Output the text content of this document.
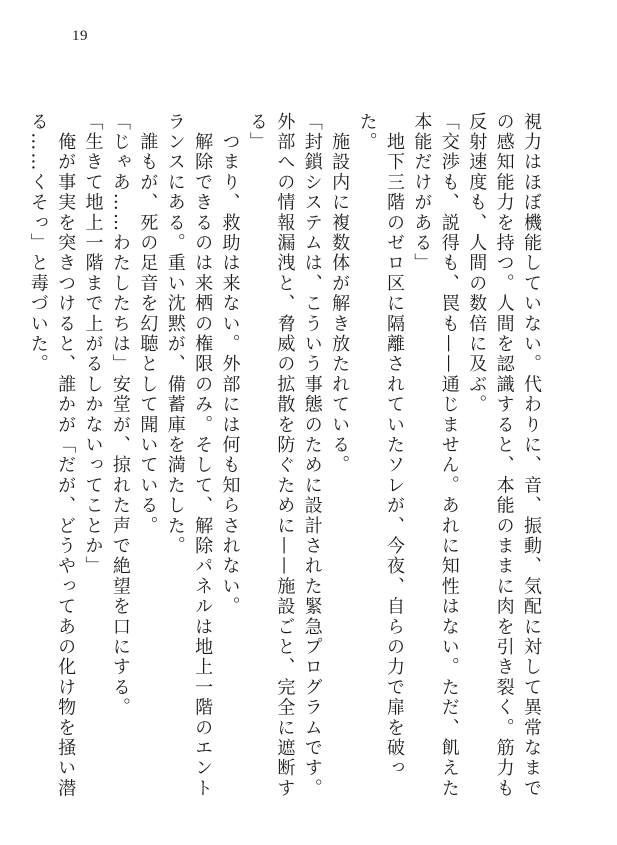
19

視力はほぼ機能していない。代わりに、音、振動、気配に対して異常なまでの感知能力を持つ。人間を認識すると、本能のままに肉を引き裂く。筋力も反射速度も、人間の数倍に及ぶ。

「交渉も、説得も、罠も——通じません。あれに知性はない。ただ、飢えた本能だけがある」

　地下三階のゼロ区に隔離されていたソレが、今夜、自らの力で扉を破った。

　施設内に複数体が解き放たれている。

「封鎖システムは、こういう事態のために設計された緊急プログラムです。外部への情報漏洩と、脅威の拡散を防ぐために——施設ごと、完全に遮断する」

　つまり、救助は来ない。外部には何も知らされない。

　解除できるのは来栖の権限のみ。そして、解除パネルは地上一階のエントランスにある。重い沈黙が、備蓄庫を満たした。

　誰もが、死の足音を幻聴として聞いている。

「じゃあ……わたしたちは」安堂が、掠れた声で絶望を口にする。

「生きて地上一階まで上がるしかないってことか」

　俺が事実を突きつけると、誰かが「だが、どうやってあの化け物を掻い潜る……くそっ」と毒づいた。
